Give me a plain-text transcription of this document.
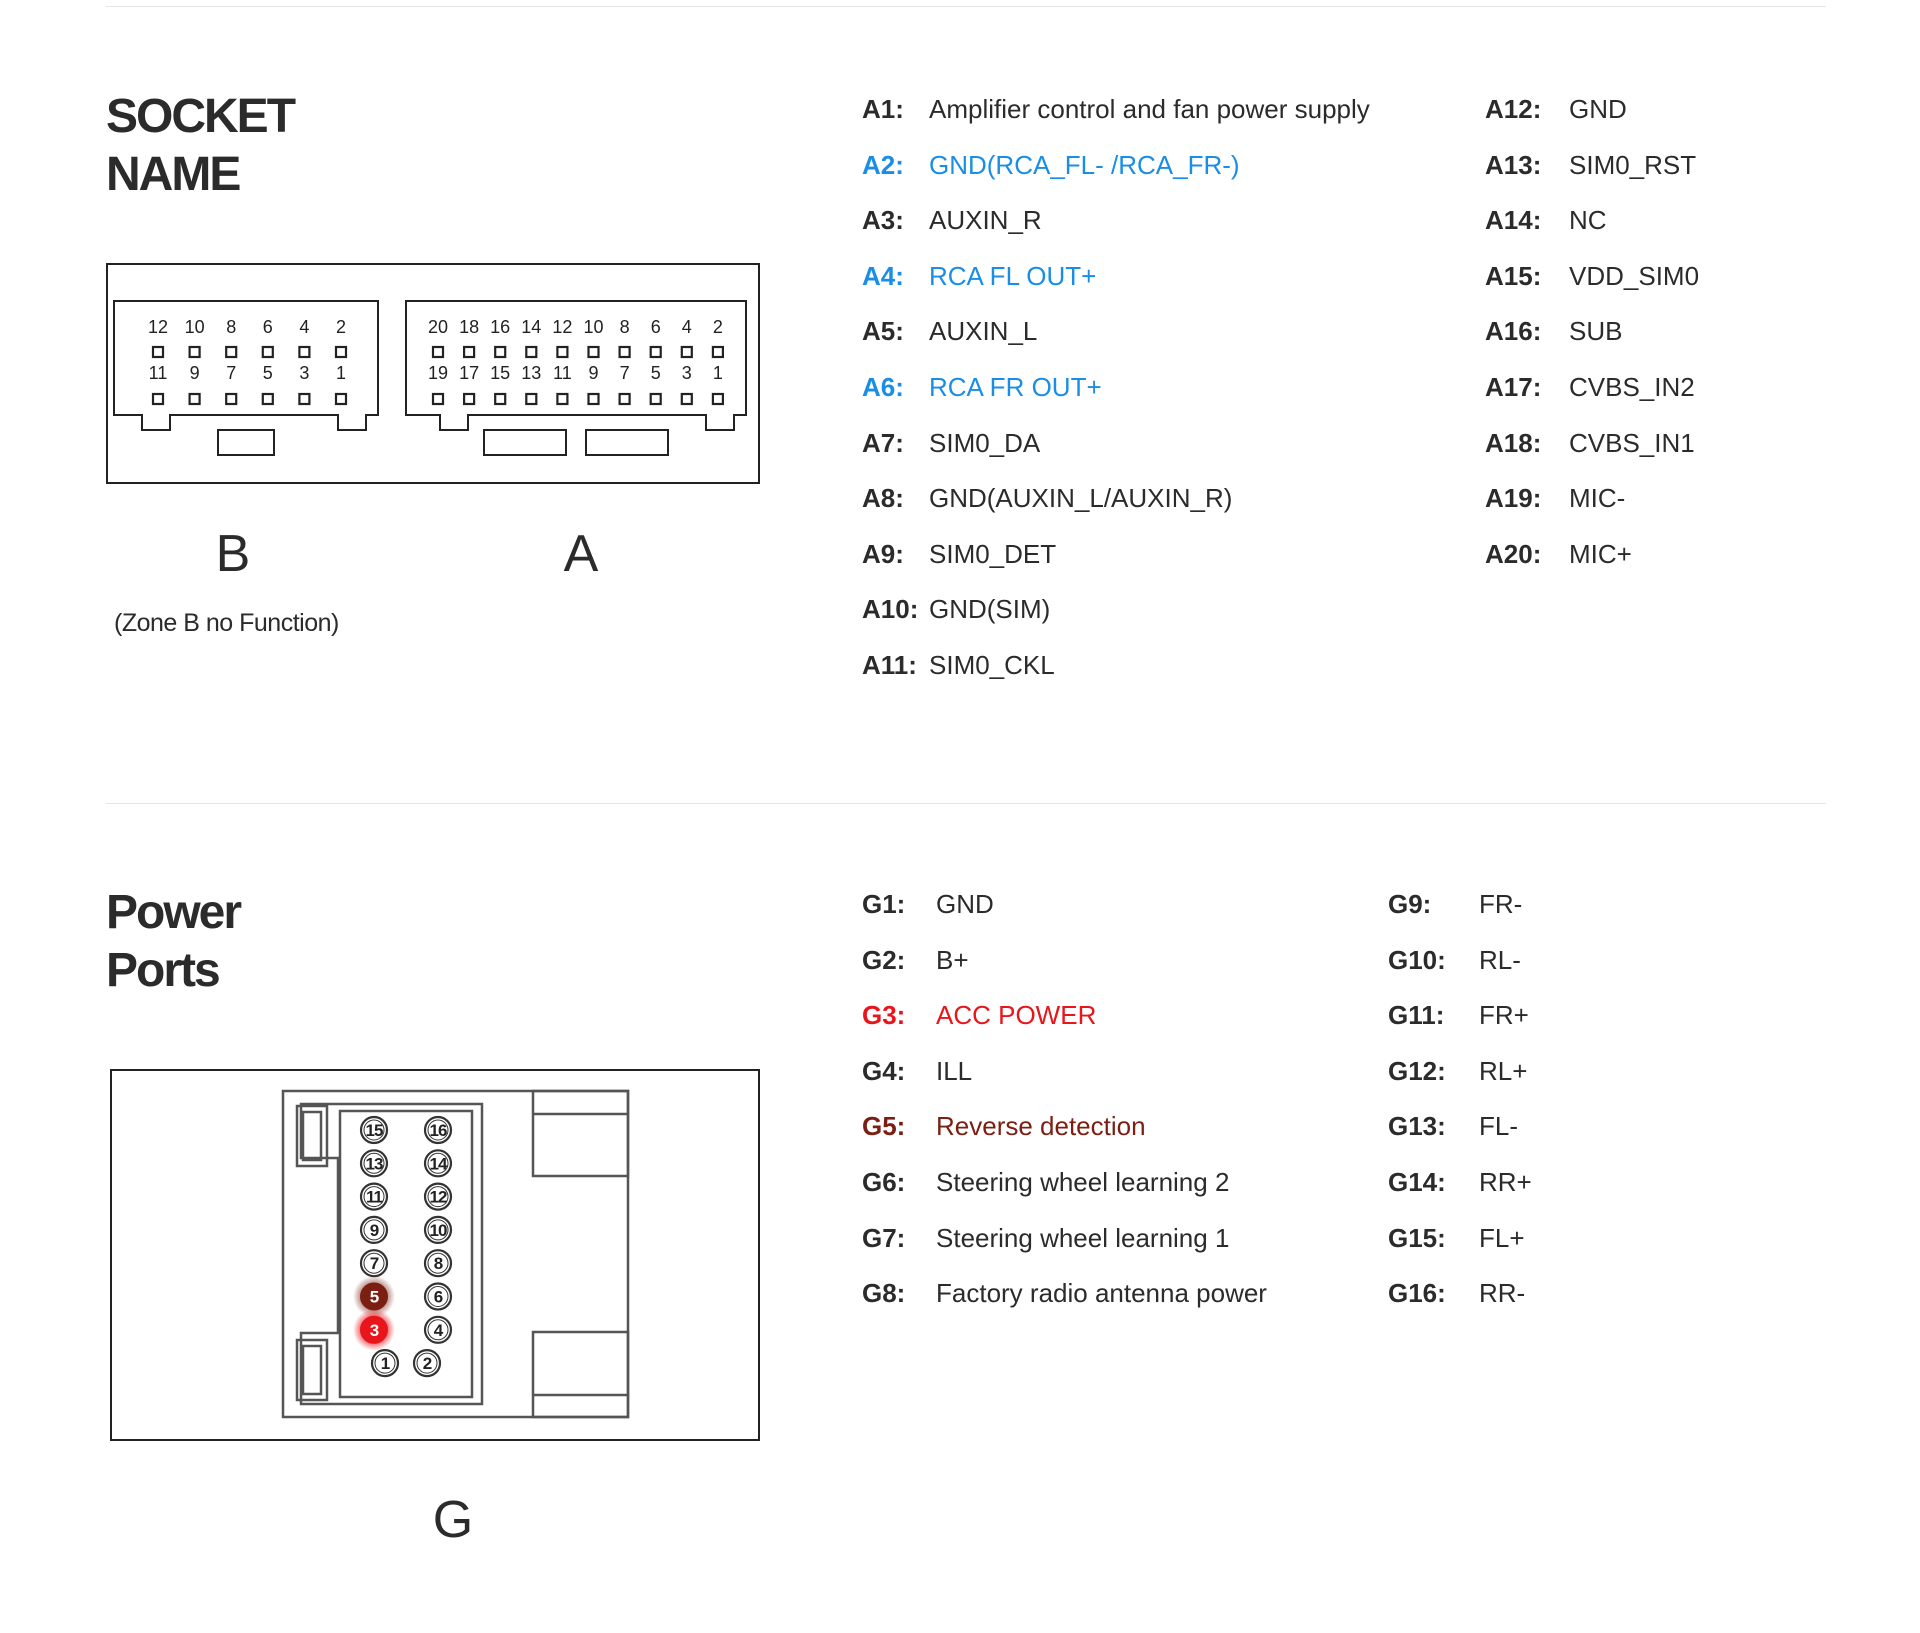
SOCKET
NAME
12 10 8 6 4 2
11 9 7 5 3 1
20 18 16 14 12 10 8 6 4 2
19 17 15 13 11 9 7 5 3 1
B	A
(Zone B no Function)
A1: Amplifier control and fan power supply
A2: GND(RCA_FL- /RCA_FR-)
A3: AUXIN_R
A4: RCA FL OUT+
A5: AUXIN_L
A6: RCA FR OUT+
A7: SIM0_DA
A8: GND(AUXIN_L/AUXIN_R)
A9: SIM0_DET
A10: GND(SIM)
A11: SIM0_CKL
A12: GND
A13: SIM0_RST
A14: NC
A15: VDD_SIM0
A16: SUB
A17: CVBS_IN2
A18: CVBS_IN1
A19: MIC-
A20: MIC+
Power
Ports
15	16
13	14
11	12
9	10
7	8
5	6
3	4
1 2
G
G1: GND
G2: B+
G3: ACC POWER
G4: ILL
G5: Reverse detection
G6: Steering wheel learning 2
G7: Steering wheel learning 1
G8: Factory radio antenna power
G9: FR-
G10: RL-
G11: FR+
G12: RL+
G13: FL-
G14: RR+
G15: FL+
G16: RR-
